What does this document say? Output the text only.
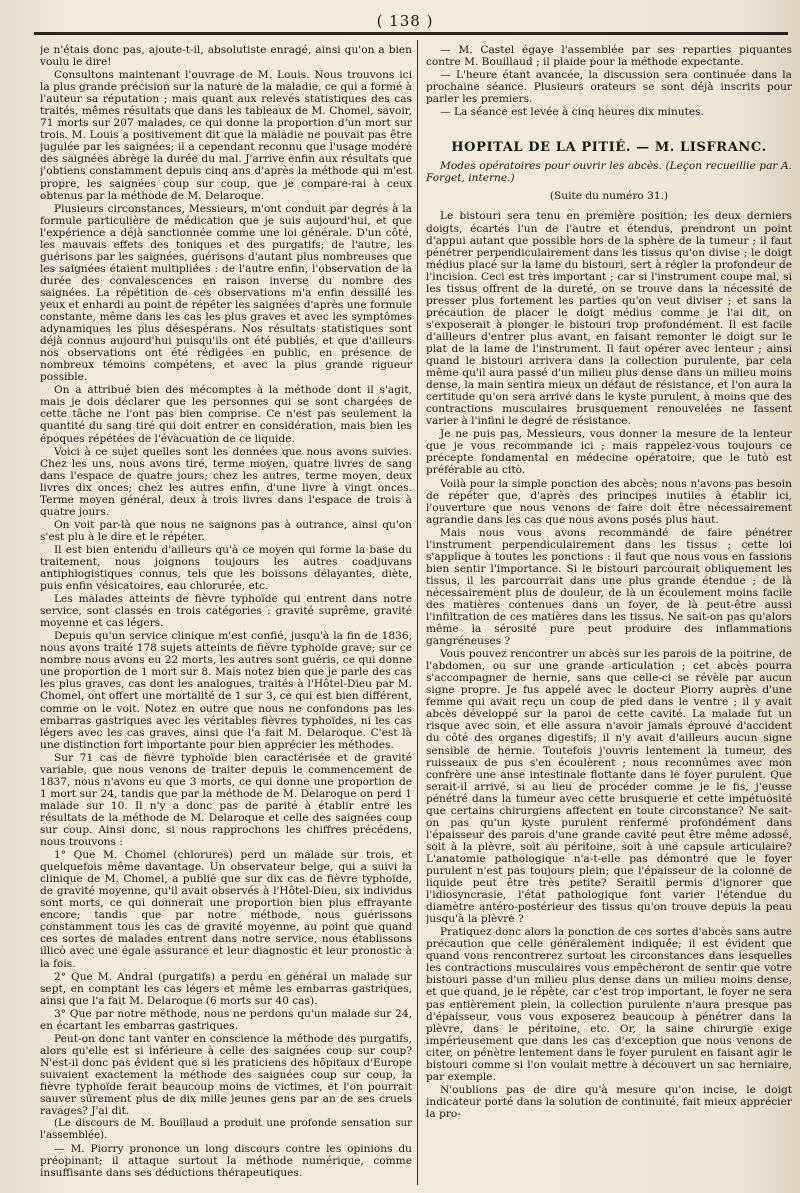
( 138 )

je n'étais donc pas, ajoute-t-il, absolutiste enragé, ainsi qu'on a bien voulu le dire!

Consultons maintenant l'ouvrage de M. Louis. Nous trouvons ici la plus grande précision sur la nature de la maladie, ce qui a formé à l'auteur sa réputation ; mais quant aux relevés statistiques des cas traités, mêmes résultats que dans les tableaux de M. Chomel, savoir, 71 morts sur 207 malades, ce qui donne la proportion d'un mort sur trois. M. Louis a positivement dit que la maladie ne pouvait pas être jugulée par les saignées; il a cependant reconnu que l'usage modéré des saignées abrège la durée du mal. J'arrive enfin aux résultats que j'obtiens constamment depuis cinq ans d'après la méthode qui m'est propre, les saignées coup sur coup, que je compare-rai à ceux obtenus par la méthode de M. Delaroque.

Plusieurs circonstances, Messieurs, m'ont conduit par degrés à la formule particulière de médication que je suis aujourd'hui, et que l'expérience a déjà sanctionnée comme une loi générale. D'un côté, les mauvais effets des toniques et des purgatifs; de l'autre, les guérisons par les saignées, guérisons d'autant plus nombreuses que les saignées étaient multipliées : de l'autre enfin, l'observation de la durée des convalescences en raison inverse du nombre des saignées. La répétition de ces observations m'a enfin dessillé les yeux et enhardi au point de répéter les saignées d'après une formule constante, même dans les cas les plus graves et avec les symptômes adynamiques les plus désespérans. Nos résultats statistiques sont déjà connus aujourd'hui puisqu'ils ont été publiés, et que d'ailleurs nos observations ont été rédigées en public, en présence de nombreux témoins compétens, et avec la plus grande rigueur possible.

On a attribué bien des mécomptes à la méthode dont il s'agit, mais je dois déclarer que les personnes qui se sont chargées de cette tâche ne l'ont pas bien comprise. Ce n'est pas seulement la quantité du sang tiré qui doit entrer en considération, mais bien les époques répétées de l'évacuation de ce liquide.

Voici à ce sujet quelles sont les données que nous avons suivies. Chez les uns, nous avons tiré, terme moyen, quatre livres de sang dans l'espace de quatre jours; chez les autres, terme moyen, deux livres dix onces; chez les autres enfin, d'une livre à vingt onces. Terme moyen général, deux à trois livres dans l'espace de trois à quatre jours.

On voit par-là que nous ne saignons pas à outrance, ainsi qu'on s'est plu à le dire et le répéter.

Il est bien entendu d'ailleurs qu'à ce moyen qui forme la base du traitement, nous joignons toujours les autres coadjuvans antiphlogistiques connus, tels que les boissons délayantes, diète, puis enfin vésicatoires, eau chlorurée, etc.

Les malades atteints de fièvre typhoïde qui entrent dans notre service, sont classés en trois catégories : gravité suprême, gravité moyenne et cas légers.

Depuis qu'un service clinique m'est confié, jusqu'à la fin de 1836, nous avons traité 178 sujets atteints de fièvre typhoïde grave; sur ce nombre nous avons eu 22 morts, les autres sont guéris, ce qui donne une proportion de 1 mort sur 8. Mais notez bien que je parle des cas les plus graves, cas dont les analogues, traités à l'Hôtel-Dieu par M. Chomel, ont offert une mortalité de 1 sur 3, ce qui est bien différent, comme on le voit. Notez en outre que nous ne confondons pas les embarras gastriques avec les véritables fièvres typhoïdes, ni les cas légers avec les cas graves, ainsi que l'a fait M. Delaroque. C'est là une distinction fort importante pour bien apprécier les méthodes.

Sur 71 cas de fièvre typhoïde bien caractérisée et de gravité variable, que nous venons de traiter depuis le commencement de 1837, nous n'avons eu que 3 morts, ce qui donne une proportion de 1 mort sur 24, tandis que par la méthode de M. Delaroque on perd 1 malade sur 10. Il n'y a donc pas de parité à établir entre les résultats de la méthode de M. Delaroque et celle des saignées coup sur coup. Ainsi donc, si nous rapprochons les chiffres précédens, nous trouvons :

1° Que M. Chomel (chlorures) perd un malade sur trois, et quelquefois même davantage. Un observateur belge, qui a suivi la clinique de M. Chomel, a publié que sur dix cas de fièvre typhoïde, de gravité moyenne, qu'il avait observés à l'Hôtel-Dieu, six individus sont morts, ce qui donnerait une proportion bien plus effrayante encore; tandis que par notre méthode, nous guérissons constamment tous les cas de gravité moyenne, au point que quand ces sortes de malades entrent dans notre service, nous établissons illicò avec une égale assurance et leur diagnostic et leur pronostic à la fois.

2° Que M. Andral (purgatifs) a perdu en général un malade sur sept, en comptant les cas légers et même les embarras gastriques, ainsi que l'a fait M. Delaroque (6 morts sur 40 cas).

3° Que par notre méthode, nous ne perdons qu'un malade sur 24, en écartant les embarras gastriques.

Peut-on donc tant vanter en conscience la méthode des purgatifs, alors qu'elle est si inférieure à celle des saignées coup sur coup? N'est-il donc pas évident que si les praticiens des hôpitaux d'Europe suivaient exactement la méthode des saignées coup sur coup, la fièvre typhoïde ferait beaucoup moins de victimes, et l'on pourrait sauver sûrement plus de dix mille jeunes gens par an de ses cruels ravages? J'ai dit.

(Le discours de M. Bouillaud a produit une profonde sensation sur l'assemblée).

— M. Piorry prononce un long discours contre les opinions du préopinant; il attaque surtout la méthode numérique, comme insuffisante dans ses déductions thérapeutiques.

— M. Castel égaye l'assemblée par ses reparties piquantes contre M. Bouillaud ; il plaide pour la méthode expectante.

— L'heure étant avancée, la discussion sera continuée dans la prochaine séance. Plusieurs orateurs se sont déjà inscrits pour parler les premiers.

— La séance est levée à cinq heures dix minutes.

HOPITAL DE LA PITIÉ. — M. LISFRANC.

Modes opératoires pour ouvrir les abcès. (Leçon recueillie par A. Forget, interne.)

(Suite du numéro 31.)

Le bistouri sera tenu en première position; les deux derniers doigts, écartés l'un de l'autre et étendus, prendront un point d'appui autant que possible hors de la sphère de la tumeur ; il faut pénétrer perpendiculairement dans les tissus qu'on divise ; le doigt médius placé sur la lame du bistouri, sert à régler la profondeur de l'incision. Ceci est très important ; car si l'instrument coupe mal, si les tissus offrent de la dureté, on se trouve dans la nécessité de presser plus fortement les parties qu'on veut diviser ; et sans la précaution de placer le doigt médius comme je l'ai dit, on s'exposerait à plonger le bistouri trop profondément. Il est facile d'ailleurs d'entrer plus avant, en faisant remonter le doigt sur le plat de la lame de l'instrument. Il faut opérer avec lenteur ; ainsi quand le bistouri arrivera dans la collection purulente, par cela même qu'il aura passé d'un milieu plus dense dans un milieu moins dense, la main sentira mieux un défaut de résistance, et l'on aura la certitude qu'on sera arrivé dans le kyste purulent, à moins que des contractions musculaires brusquement renouvelées ne fassent varier à l'infini le degré de résistance.

Je ne puis pas, Messieurs, vous donner la mesure de la lenteur que je vous recommande ici ; mais rappelez-vous toujours ce précepte fondamental en médecine opératoire, que le tutò est préférable au citò.

Voilà pour la simple ponction des abcès; nous n'avons pas besoin de répéter que, d'après des principes inutiles à établir ici, l'ouverture que nous venons de faire doit être nécessairement agrandie dans les cas que nous avons posés plus haut.

Mais nous vous avons recommandé de faire pénétrer l'instrument perpendiculairement dans les tissus ; cette loi s'applique à toutes les ponctions : il faut que nous vous en fassions bien sentir l'importance. Si le bistouri parcourait obliquement les tissus, il les parcourrait dans une plus grande étendue ; de là nécessairement plus de douleur, de là un écoulement moins facile des matières contenues dans un foyer, de là peut-être aussi l'infiltration de ces matières dans les tissus. Ne sait-on pas qu'alors même la sérosité pure peut produire des inflammations gangréneuses ?

Vous pouvez rencontrer un abcès sur les parois de la poitrine, de l'abdomen, ou sur une grande articulation ; cet abcès pourra s'accompagner de hernie, sans que celle-ci se révèle par aucun signe propre. Je fus appelé avec le docteur Piorry auprès d'une femme qui avait reçu un coup de pied dans le ventre ; il y avait abcès développé sur la paroi de cette cavité. La malade fut un risque avec soin, et elle assura n'avoir jamais éprouvé d'accident du côté des organes digestifs; il n'y avait d'ailleurs aucun signe sensible de hernie. Toutefois j'ouvris lentement la tumeur, des ruisseaux de pus s'en écoulèrent ; nous reconnûmes avec mon confrère une anse intestinale flottante dans le foyer purulent. Que serait-il arrivé, si au lieu de procéder comme je le fis, j'eusse pénétré dans la tumeur avec cette brusquerie et cette impétuosité que certains chirurgiens affectent en toute circonstance? Ne sait-on pas qu'un kyste purulent renfermé profondément dans l'épaisseur des parois d'une grande cavité peut être même adossé, soit à la plèvre, soit au péritoine, soit à une capsule articulaire? L'anatomie pathologique n'a-t-elle pas démontré que le foyer purulent n'est pas toujours plein; que l'épaisseur de la colonne de liquide peut être très petite? Seraitil permis d'ignorer que l'idiosyncrasie, l'état pathologique font varier l'étendue du diamètre antéro-postérieur des tissus qu'on trouve depuis la peau jusqu'à la plèvre ?

Pratiquez donc alors la ponction de ces sortes d'abcès sans autre précaution que celle généralement indiquée; il est évident que quand vous rencontrerez surtout les circonstances dans lesquelles les contractions musculaires vous empêcheront de sentir que votre bistouri passe d'un milieu plus dense dans un milieu moins dense, et que quand, je le répète, car c'est trop important, le foyer ne sera pas entièrement plein, la collection purulente n'aura presque pas d'épaisseur, vous vous exposerez beaucoup à pénétrer dans la plèvre, dans le péritoine, etc. Or, la saine chirurgie exige impérieusement que dans les cas d'exception que nous venons de citer, on pénètre lentement dans le foyer purulent en faisant agir le bistouri comme si l'on voulait mettre à découvert un sac herniaire, par exemple.

N'oublions pas de dire qu'à mesure qu'on incise, le doigt indicateur porté dans la solution de continuité, fait mieux apprécier la pro-
